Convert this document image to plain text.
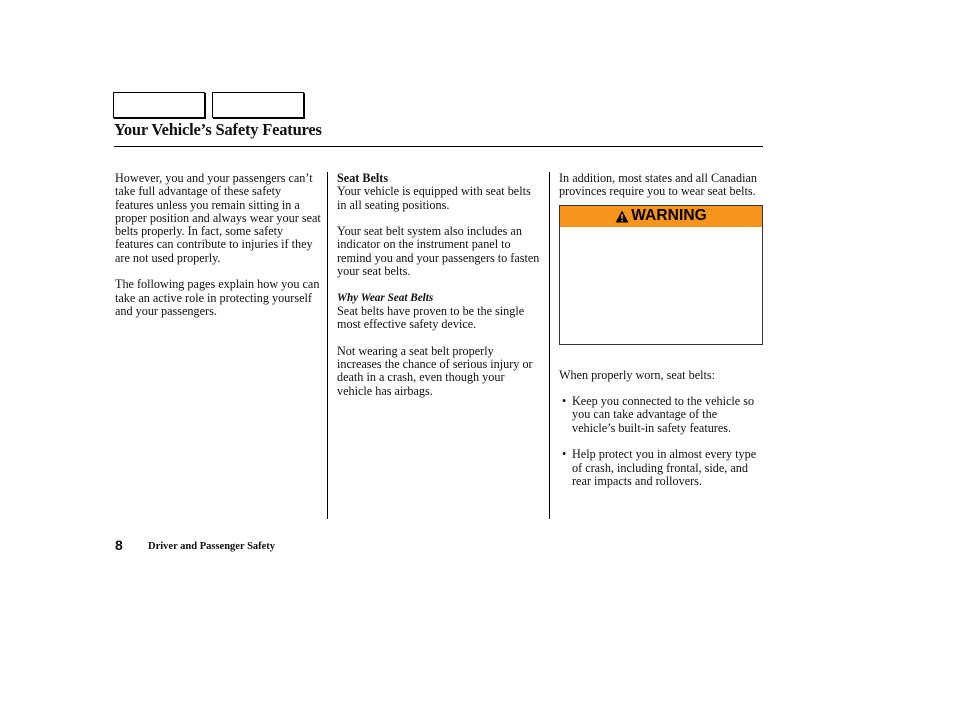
Your Vehicle’s Safety Features

However, you and your passengers can’t take full advantage of these safety features unless you remain sitting in a proper position and always wear your seat belts properly. In fact, some safety features can contribute to injuries if they are not used properly.

The following pages explain how you can take an active role in protecting yourself and your passengers.

Seat Belts

Your vehicle is equipped with seat belts in all seating positions.

Your seat belt system also includes an indicator on the instrument panel to remind you and your passengers to fasten your seat belts.

Why Wear Seat Belts

Seat belts have proven to be the single most effective safety device.

Not wearing a seat belt properly increases the chance of serious injury or death in a crash, even though your vehicle has airbags.

In addition, most states and all Canadian provinces require you to wear seat belts.

WARNING

When properly worn, seat belts:

• Keep you connected to the vehicle so you can take advantage of the vehicle’s built-in safety features.
• Help protect you in almost every type of crash, including frontal, side, and rear impacts and rollovers.
8 Driver and Passenger Safety
